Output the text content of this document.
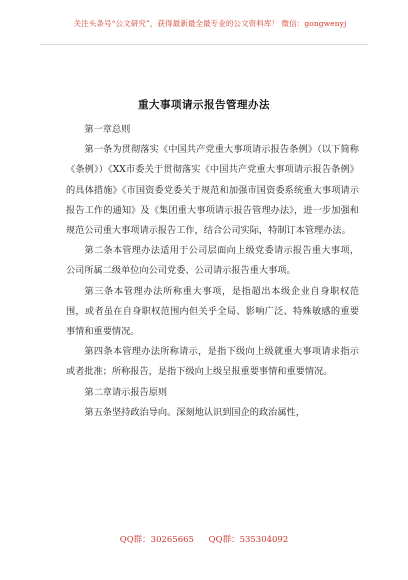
关注头条号“公文研究”，获得最新最全最专业的公文资料库！ 微信：gongwenyj
重大事项请示报告管理办法

第一章总则

第一条为贯彻落实《中国共产党重大事项请示报告条例》（以下简称《条例》）《XX市委关于贯彻落实《中国共产党重大事项请示报告条例》的具体措施》《市国资委党委关于规范和加强市国资委系统重大事项请示报告工作的通知》及《集团重大事项请示报告管理办法》，进一步加强和规范公司重大事项请示报告工作，结合公司实际，特制订本管理办法。

第二条本管理办法适用于公司层面向上级党委请示报告重大事项，公司所属二级单位向公司党委、公司请示报告重大事项。

第三条本管理办法所称重大事项，是指超出本级企业自身职权范围，或者虽在自身职权范围内但关乎全局、影响广泛、特殊敏感的重要事情和重要情况。

第四条本管理办法所称请示，是指下级向上级就重大事项请求指示或者批准；所称报告，是指下级向上级呈报重要事情和重要情况。

第二章请示报告原则

第五条坚持政治导向。深刻地认识到国企的政治属性，

QQ群：30265665 QQ群：535304092
